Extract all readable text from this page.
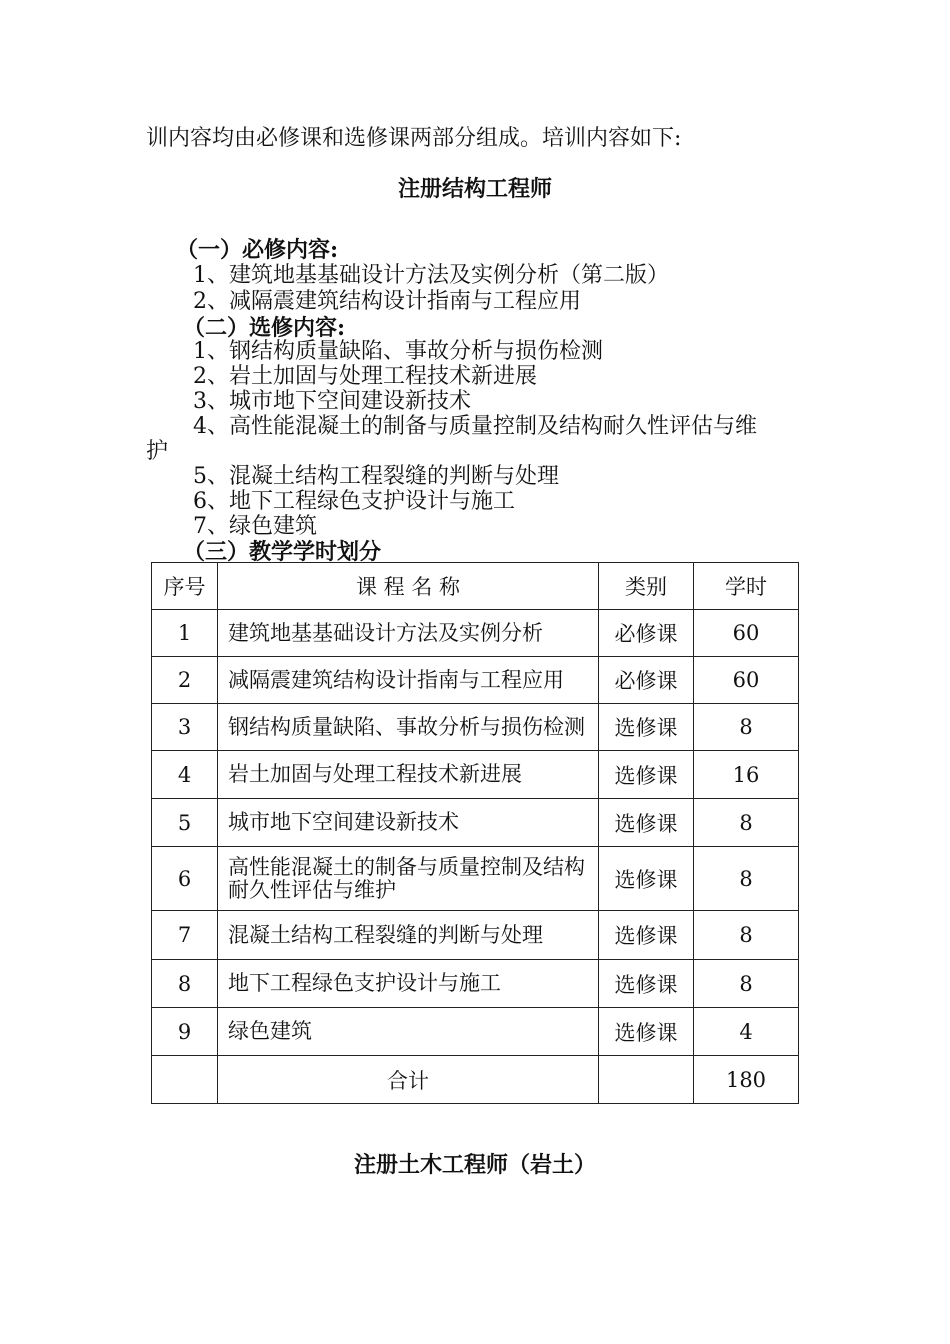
训内容均由必修课和选修课两部分组成。培训内容如下:
注册结构工程师
（一）必修内容:
1、建筑地基基础设计方法及实例分析（第二版）
2、减隔震建筑结构设计指南与工程应用
（二）选修内容:
1、钢结构质量缺陷、事故分析与损伤检测
2、岩土加固与处理工程技术新进展
3、城市地下空间建设新技术
4、高性能混凝土的制备与质量控制及结构耐久性评估与维
护
5、混凝土结构工程裂缝的判断与处理
6、地下工程绿色支护设计与施工
7、绿色建筑
（三）教学学时划分
序号	课 程 名 称	类别	学时
1	建筑地基基础设计方法及实例分析	必修课	60
2	减隔震建筑结构设计指南与工程应用	必修课	60
3	钢结构质量缺陷、事故分析与损伤检测	选修课	8
4	岩土加固与处理工程技术新进展	选修课	16
5	城市地下空间建设新技术	选修课	8
6	高性能混凝土的制备与质量控制及结构耐久性评估与维护	选修课	8
7	混凝土结构工程裂缝的判断与处理	选修课	8
8	地下工程绿色支护设计与施工	选修课	8
9	绿色建筑	选修课	4
	合计		180
注册土木工程师（岩土）
